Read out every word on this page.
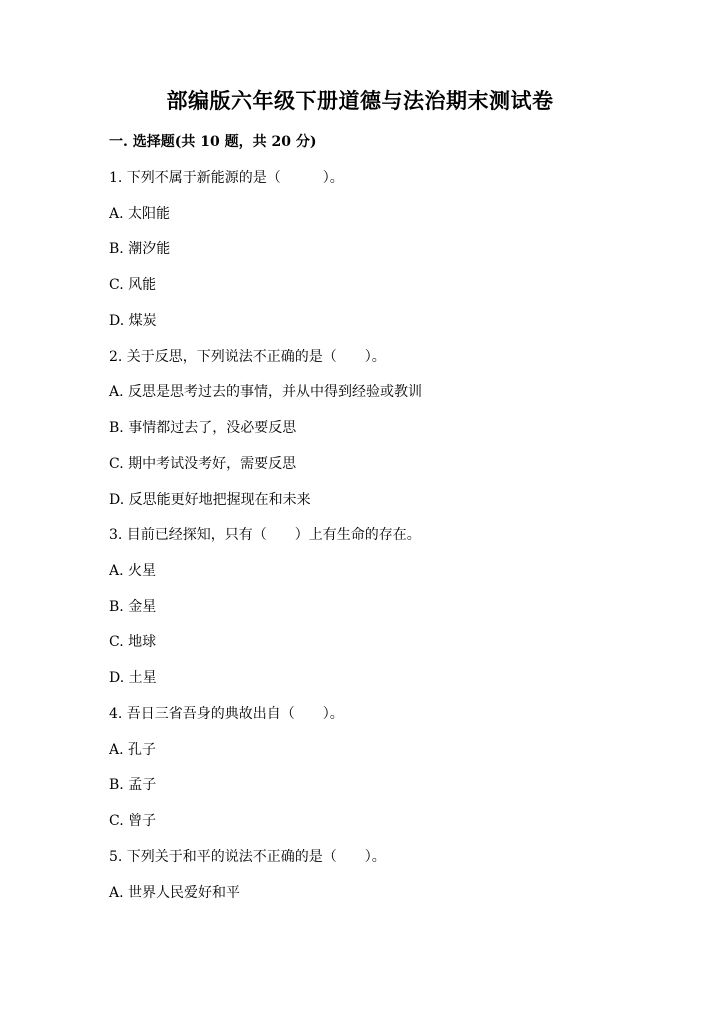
部编版六年级下册道德与法治期末测试卷
一. 选择题(共 10 题，共 20 分)
1. 下列不属于新能源的是（　　　）。
A. 太阳能
B. 潮汐能
C. 风能
D. 煤炭
2. 关于反思，下列说法不正确的是（　　）。
A. 反思是思考过去的事情，并从中得到经验或教训
B. 事情都过去了，没必要反思
C. 期中考试没考好，需要反思
D. 反思能更好地把握现在和未来
3. 目前已经探知，只有（　　）上有生命的存在。
A. 火星
B. 金星
C. 地球
D. 土星
4. 吾日三省吾身的典故出自（　　）。
A. 孔子
B. 孟子
C. 曾子
5. 下列关于和平的说法不正确的是（　　）。
A. 世界人民爱好和平
